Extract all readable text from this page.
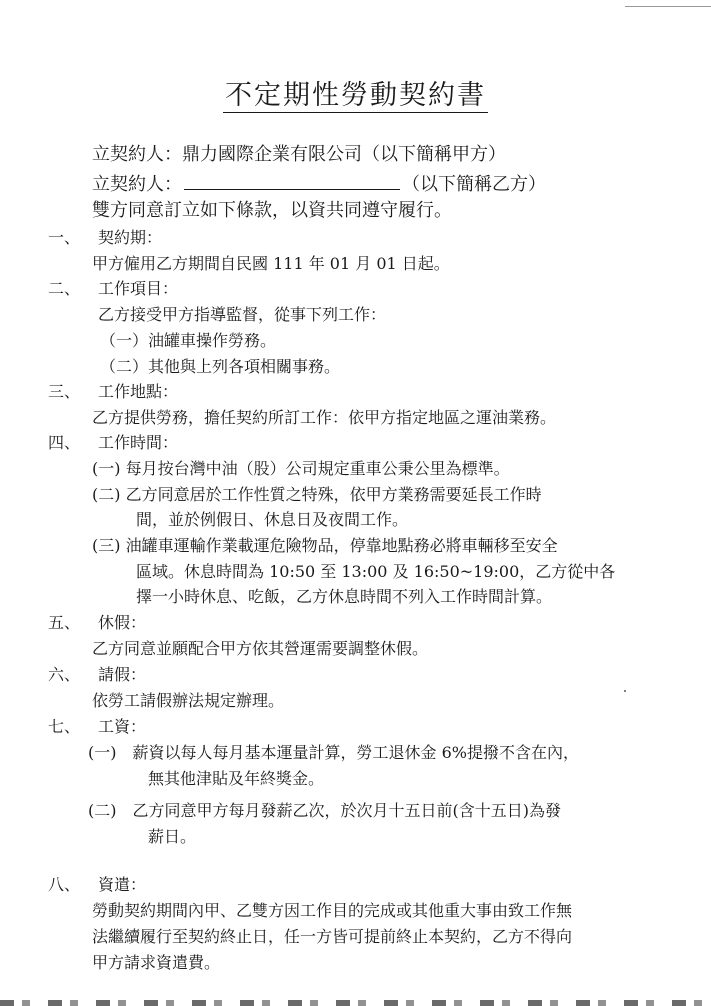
不定期性勞動契約書
立契約人：鼎力國際企業有限公司（以下簡稱甲方）
立契約人：	（以下簡稱乙方）
雙方同意訂立如下條款，以資共同遵守履行。
一、 契約期：
甲方僱用乙方期間自民國 111 年 01 月 01 日起。
二、 工作項目：
乙方接受甲方指導監督，從事下列工作：
（一）油罐車操作勞務。
（二）其他與上列各項相關事務。
三、 工作地點：
乙方提供勞務，擔任契約所訂工作：依甲方指定地區之運油業務。
四、 工作時間：
(一) 每月按台灣中油（股）公司規定重車公秉公里為標準。
(二) 乙方同意居於工作性質之特殊，依甲方業務需要延長工作時
間，並於例假日、休息日及夜間工作。
(三) 油罐車運輸作業載運危險物品，停靠地點務必將車輛移至安全
區域。休息時間為 10:50 至 13:00 及 16:50~19:00，乙方從中各
擇一小時休息、吃飯，乙方休息時間不列入工作時間計算。
五、 休假：
乙方同意並願配合甲方依其營運需要調整休假。
六、 請假：
依勞工請假辦法規定辦理。
七、 工資：
(一)　薪資以每人每月基本運量計算，勞工退休金 6%提撥不含在內，
無其他津貼及年終獎金。
(二)　乙方同意甲方每月發薪乙次，於次月十五日前(含十五日)為發
薪日。
八、 資遣：
勞動契約期間內甲、乙雙方因工作目的完成或其他重大事由致工作無
法繼續履行至契約終止日，任一方皆可提前終止本契約，乙方不得向
甲方請求資遣費。
